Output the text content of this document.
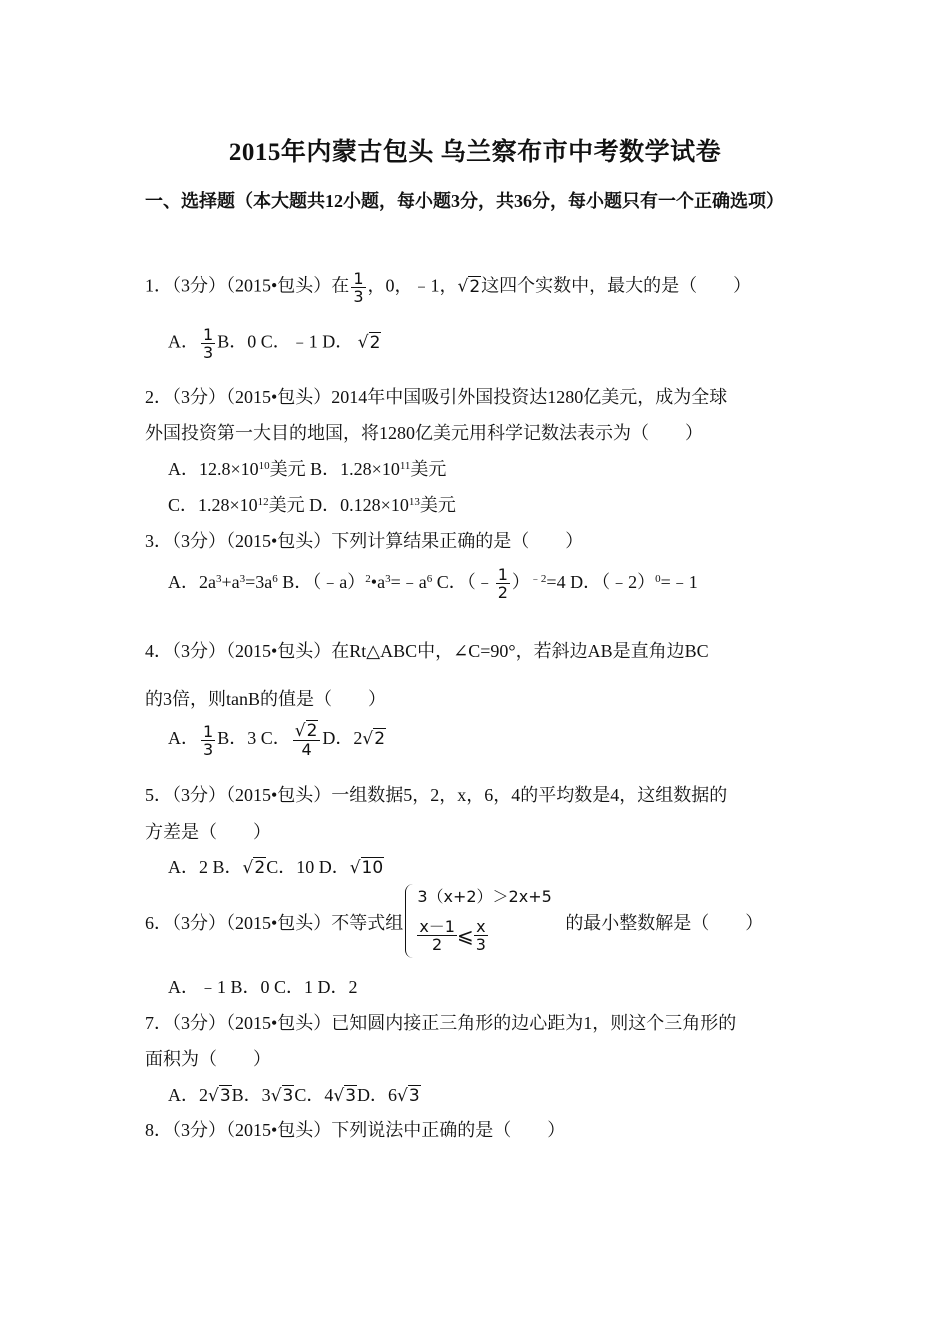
2015年内蒙古包头 乌兰察布市中考数学试卷
一、选择题（本大题共12小题，每小题3分，共36分，每小题只有一个正确选项）
1．（3分）（2015•包头）在 $\frac{1}{3}$ ，0，﹣1，√2这四个实数中，最大的是（　　）
A． $\frac{1}{3}$ B．0 C．﹣1 D． √2
2．（3分）（2015•包头）2014年中国吸引外国投资达1280亿美元，成为全球
外国投资第一大目的地国，将1280亿美元用科学记数法表示为（　　）
A．$12.8\times 10^{10}$美元 B．$1.28\times 10^{11}$美元
C．$1.28\times 10^{12}$美元 D．$0.128\times 10^{13}$美元
3．（3分）（2015•包头）下列计算结果正确的是（　　）
A．$2a^3+a^3=3a^6$ B．$(﹣a)^2•a^3=﹣a^6$ C．（﹣ $\frac{1}{2} )^{﹣2}=4$ D．（﹣2）$^0$=﹣1
4．（3分）（2015•包头）在Rt△ABC中，∠C=90°，若斜边AB是直角边BC
的3倍，则tanB的值是（　　）
A． $\frac{1}{3}$ B．3 C． $\frac{√2}{4}$ D．2√2
5．（3分）（2015•包头）一组数据5，2，x，6，4的平均数是4，这组数据的
方差是（　　）
A．2 B．√2C．10 D．√10
6．（3分）（2015•包头）不等式组
3（x+2）＞2x+5
$\frac{x-1}{2}$ ⩽ $\frac{x}{3}$	的最小整数解是（　　）
A．﹣1 B．0 C．1 D．2
7．（3分）（2015•包头）已知圆内接正三角形的边心距为1，则这个三角形的
面积为（　　）
A．2√3B．3√3C．4√3D．6√3
8．（3分）（2015•包头）下列说法中正确的是（　　）
